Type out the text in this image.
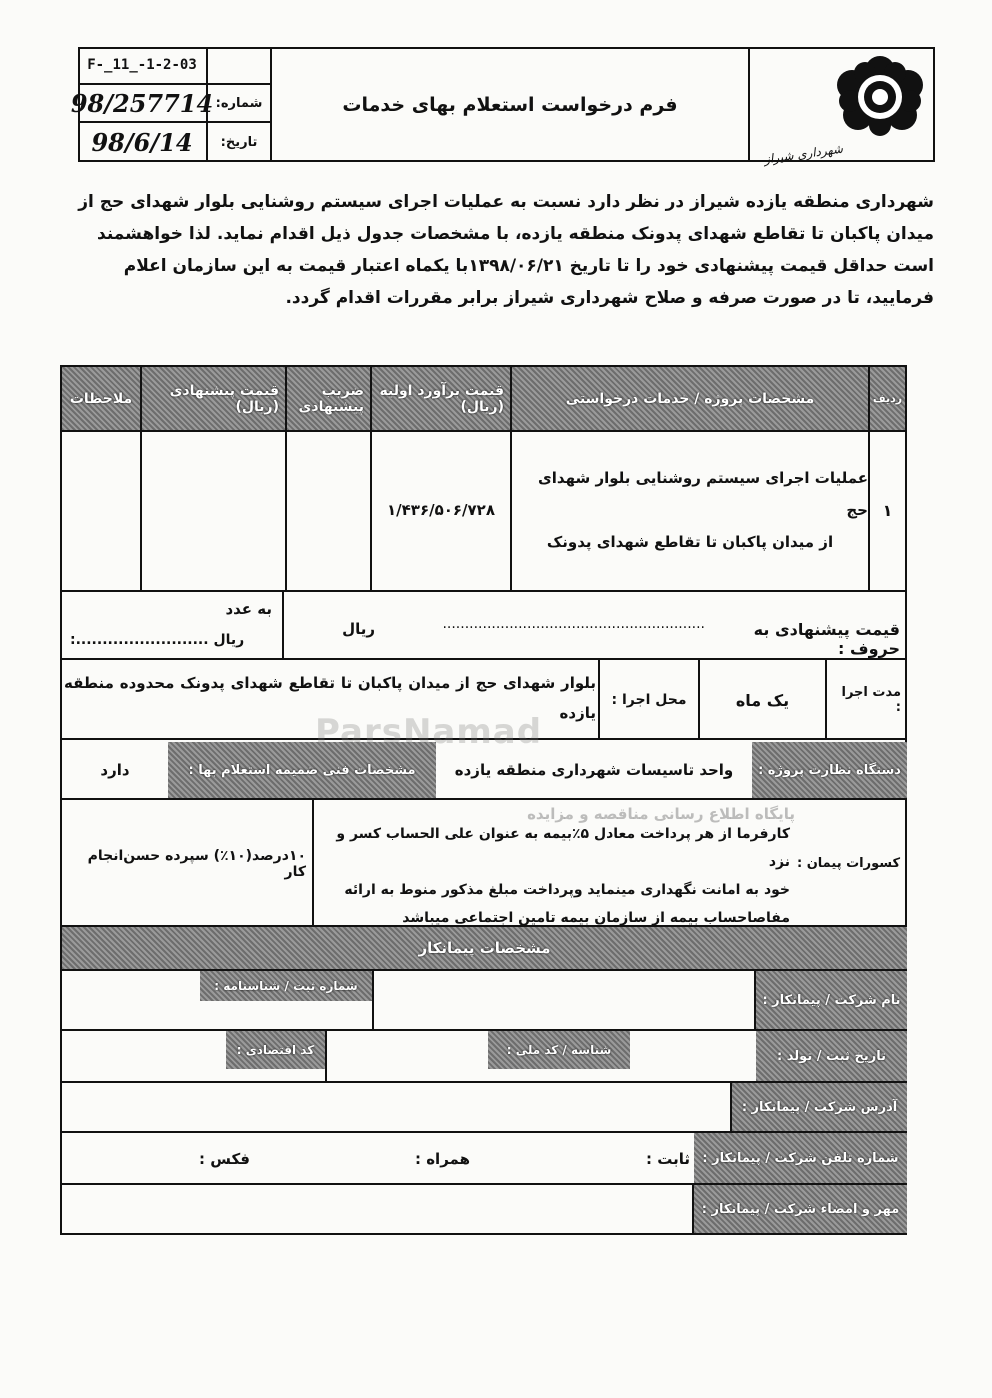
شهرداری شیراز
فرم درخواست استعلام بهای خدمات
F-_11_-1-2-03
98/257714 شماره:
98/6/14	تاریخ:
شهرداری منطقه یازده شیراز در نظر دارد نسبت به عملیات اجرای سیستم روشنایی بلوار شهدای حج از
میدان پاکبان تا تقاطع شهدای پدونک منطقه یازده، با مشخصات جدول ذیل اقدام نماید. لذا خواهشمند
است حداقل قیمت پیشنهادی خود را تا تاریخ ۱۳۹۸/۰۶/۲۱با یکماه اعتبار قیمت به این سازمان اعلام
فرمایید، تا در صورت صرفه و صلاح شهرداری شیراز برابر مقررات اقدام گردد.
ردیف
مشخصات پروژه / خدمات درخواستی
قیمت برآورد اولیه (ریال)
ضریب پیشنهادی
قیمت پیشنهادی (ریال)
ملاحظات
۱
عملیات اجرای سیستم روشنایی بلوار شهدای حج
از میدان پاکبان تا تقاطع شهدای پدونک
۱/۴۳۶/۵۰۶/۷۲۸
قیمت پیشنهادی به حروف :
...........................................................
ریال
به عدد
:......................... ریال
مدت اجرا :
یک ماه
محل اجرا :
بلوار شهدای حج از میدان پاکبان تا تقاطع شهدای پدونک محدوده منطقه یازده
دستگاه نظارت پروژه :
واحد تاسیسات شهرداری منطقه یازده
مشخصات فنی ضمیمه استعلام بها :
دارد
کسورات پیمان :
کارفرما از هر پرداخت معادل ۵٪بیمه به عنوان علی الحساب کسر و نزد
خود به امانت نگهداری مینماید وپرداخت مبلغ مذکور منوط به ارائه
مفاصاحساب بیمه از سازمان بیمه تامین اجتماعی میباشد
۱۰درصد(۱۰٪) سپرده حسن‌انجام کار
مشخصات پیمانکار
نام شرکت / پیمانکار :
شماره ثبت / شناسنامه :
تاریخ ثبت / تولد :
شناسه / کد ملی :
کد اقتصادی :
آدرس شرکت / پیمانکار :
شماره تلفن شرکت / پیمانکار :
ثابت :
همراه :
فکس :
مهر و امضاء شرکت / پیمانکار :
ParsNamad
پایگاه اطلاع رسانی مناقصه و مزایده
